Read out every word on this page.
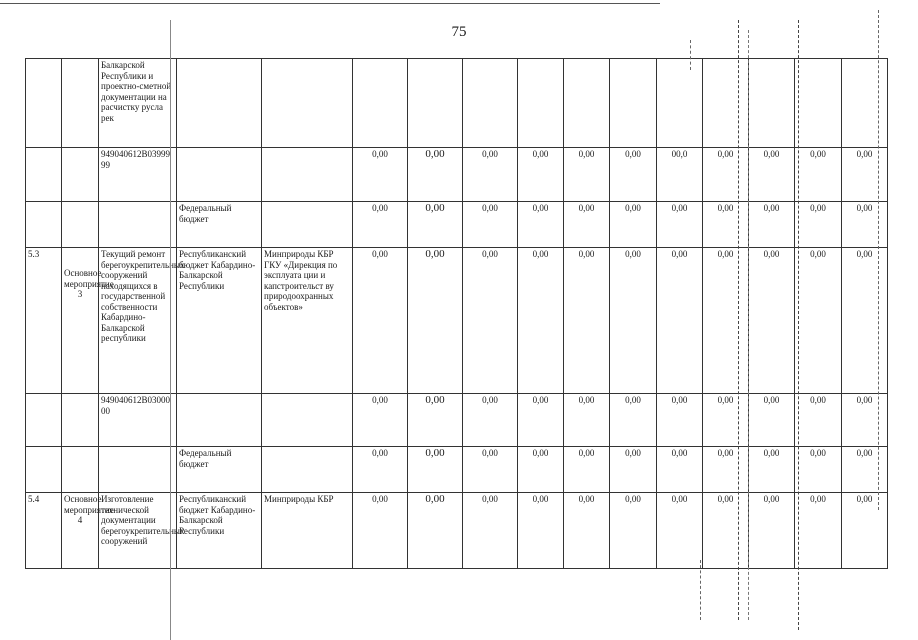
75
		Балкарской Республики и проектно-сметной документации на расчистку русла рек													
		949040612В0399999			0,00	0,00	0,00	0,00	0,00	0,00	00,0	0,00	0,00	0,00	0,00
			Федеральный бюджет		0,00	0,00	0,00	0,00	0,00	0,00	0,00	0,00	0,00	0,00	0,00
5.3	Основное мероприятие 3	Текущий ремонт берегоукрепительных сооружений находящихся в государственной собственности Кабардино-Балкарской республики	Республиканский бюджет Кабардино-Балкарской Республики	Минприроды КБР ГКУ «Дирекция по эксплуата ции и капстроительст ву природоохранных объектов»	0,00	0,00	0,00	0,00	0,00	0,00	0,00	0,00	0,00	0,00	0,00
		949040612В0300000			0,00	0,00	0,00	0,00	0,00	0,00	0,00	0,00	0,00	0,00	0,00
			Федеральный бюджет		0,00	0,00	0,00	0,00	0,00	0,00	0,00	0,00	0,00	0,00	0,00
5.4	Основное мероприятие 4	Изготовление технической документации берегоукрепительных сооружений	Республиканский бюджет Кабардино-Балкарской Республики	Минприроды КБР	0,00	0,00	0,00	0,00	0,00	0,00	0,00	0,00	0,00	0,00	0,00
